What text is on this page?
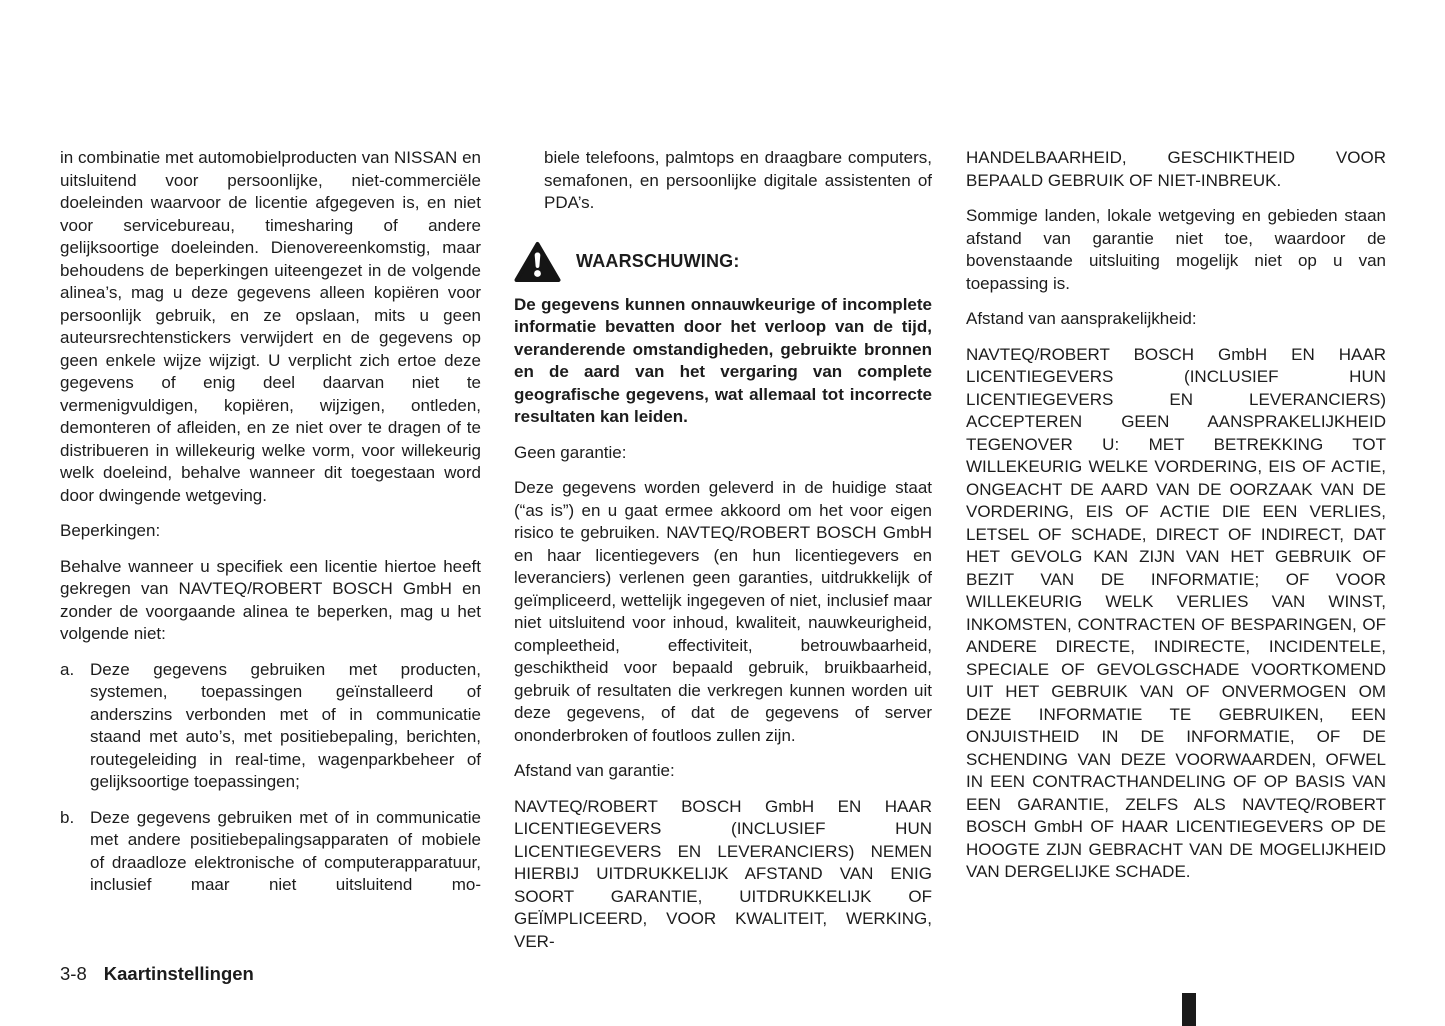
in combinatie met automobielproducten van NISSAN en uitsluitend voor persoonlijke, niet-commerciële doeleinden waarvoor de licentie afgegeven is, en niet voor servicebureau, timesharing of andere gelijksoortige doeleinden. Dienovereenkomstig, maar behoudens de beperkingen uiteengezet in de volgende alinea’s, mag u deze gegevens alleen kopiëren voor persoonlijk gebruik, en ze opslaan, mits u geen auteursrechtenstickers verwijdert en de gegevens op geen enkele wijze wijzigt. U verplicht zich ertoe deze gegevens of enig deel daarvan niet te vermenigvuldigen, kopiëren, wijzigen, ontleden, demonteren of afleiden, en ze niet over te dragen of te distribueren in willekeurig welke vorm, voor willekeurig welk doeleind, behalve wanneer dit toegestaan word door dwingende wetgeving.

Beperkingen:

Behalve wanneer u specifiek een licentie hiertoe heeft gekregen van NAVTEQ/ROBERT BOSCH GmbH en zonder de voorgaande alinea te beperken, mag u het volgende niet:

a. Deze gegevens gebruiken met producten, systemen, toepassingen geïnstalleerd of anderszins verbonden met of in communicatie staand met auto’s, met positiebepaling, berichten, routegeleiding in real-time, wagenparkbeheer of gelijksoortige toepassingen;
b. Deze gegevens gebruiken met of in communicatie met andere positiebepalingsapparaten of mobiele of draadloze elektronische of computerapparatuur, inclusief maar niet uitsluitend mo-

biele telefoons, palmtops en draagbare computers, semafonen, en persoonlijke digitale assistenten of PDA’s.

WAARSCHUWING:

De gegevens kunnen onnauwkeurige of incomplete informatie bevatten door het verloop van de tijd, veranderende omstandigheden, gebruikte bronnen en de aard van het vergaring van complete geografische gegevens, wat allemaal tot incorrecte resultaten kan leiden.

Geen garantie:

Deze gegevens worden geleverd in de huidige staat (“as is”) en u gaat ermee akkoord om het voor eigen risico te gebruiken. NAVTEQ/ROBERT BOSCH GmbH en haar licentiegevers (en hun licentiegevers en leveranciers) verlenen geen garanties, uitdrukkelijk of geïmpliceerd, wettelijk ingegeven of niet, inclusief maar niet uitsluitend voor inhoud, kwaliteit, nauwkeurigheid, compleetheid, effectiviteit, betrouwbaarheid, geschiktheid voor bepaald gebruik, bruikbaarheid, gebruik of resultaten die verkregen kunnen worden uit deze gegevens, of dat de gegevens of server ononderbroken of foutloos zullen zijn.

Afstand van garantie:

NAVTEQ/ROBERT BOSCH GmbH EN HAAR LICENTIEGEVERS (INCLUSIEF HUN LICENTIEGEVERS EN LEVERANCIERS) NEMEN HIERBIJ UITDRUKKELIJK AFSTAND VAN ENIG SOORT GARANTIE, UITDRUKKELIJK OF GEÏMPLICEERD, VOOR KWALITEIT, WERKING, VER-

HANDELBAARHEID, GESCHIKTHEID VOOR BEPAALD GEBRUIK OF NIET-INBREUK.

Sommige landen, lokale wetgeving en gebieden staan afstand van garantie niet toe, waardoor de bovenstaande uitsluiting mogelijk niet op u van toepassing is.

Afstand van aansprakelijkheid:

NAVTEQ/ROBERT BOSCH GmbH EN HAAR LICENTIEGEVERS (INCLUSIEF HUN LICENTIEGEVERS EN LEVERANCIERS) ACCEPTEREN GEEN AANSPRAKELIJKHEID TEGENOVER U: MET BETREKKING TOT WILLEKEURIG WELKE VORDERING, EIS OF ACTIE, ONGEACHT DE AARD VAN DE OORZAAK VAN DE VORDERING, EIS OF ACTIE DIE EEN VERLIES, LETSEL OF SCHADE, DIRECT OF INDIRECT, DAT HET GEVOLG KAN ZIJN VAN HET GEBRUIK OF BEZIT VAN DE INFORMATIE; OF VOOR WILLEKEURIG WELK VERLIES VAN WINST, INKOMSTEN, CONTRACTEN OF BESPARINGEN, OF ANDERE DIRECTE, INDIRECTE, INCIDENTELE, SPECIALE OF GEVOLGSCHADE VOORTKOMEND UIT HET GEBRUIK VAN OF ONVERMOGEN OM DEZE INFORMATIE TE GEBRUIKEN, EEN ONJUISTHEID IN DE INFORMATIE, OF DE SCHENDING VAN DEZE VOORWAARDEN, OFWEL IN EEN CONTRACTHANDELING OF OP BASIS VAN EEN GARANTIE, ZELFS ALS NAVTEQ/ROBERT BOSCH GmbH OF HAAR LICENTIEGEVERS OP DE HOOGTE ZIJN GEBRACHT VAN DE MOGELIJKHEID VAN DERGELIJKE SCHADE.

3-8 Kaartinstellingen
